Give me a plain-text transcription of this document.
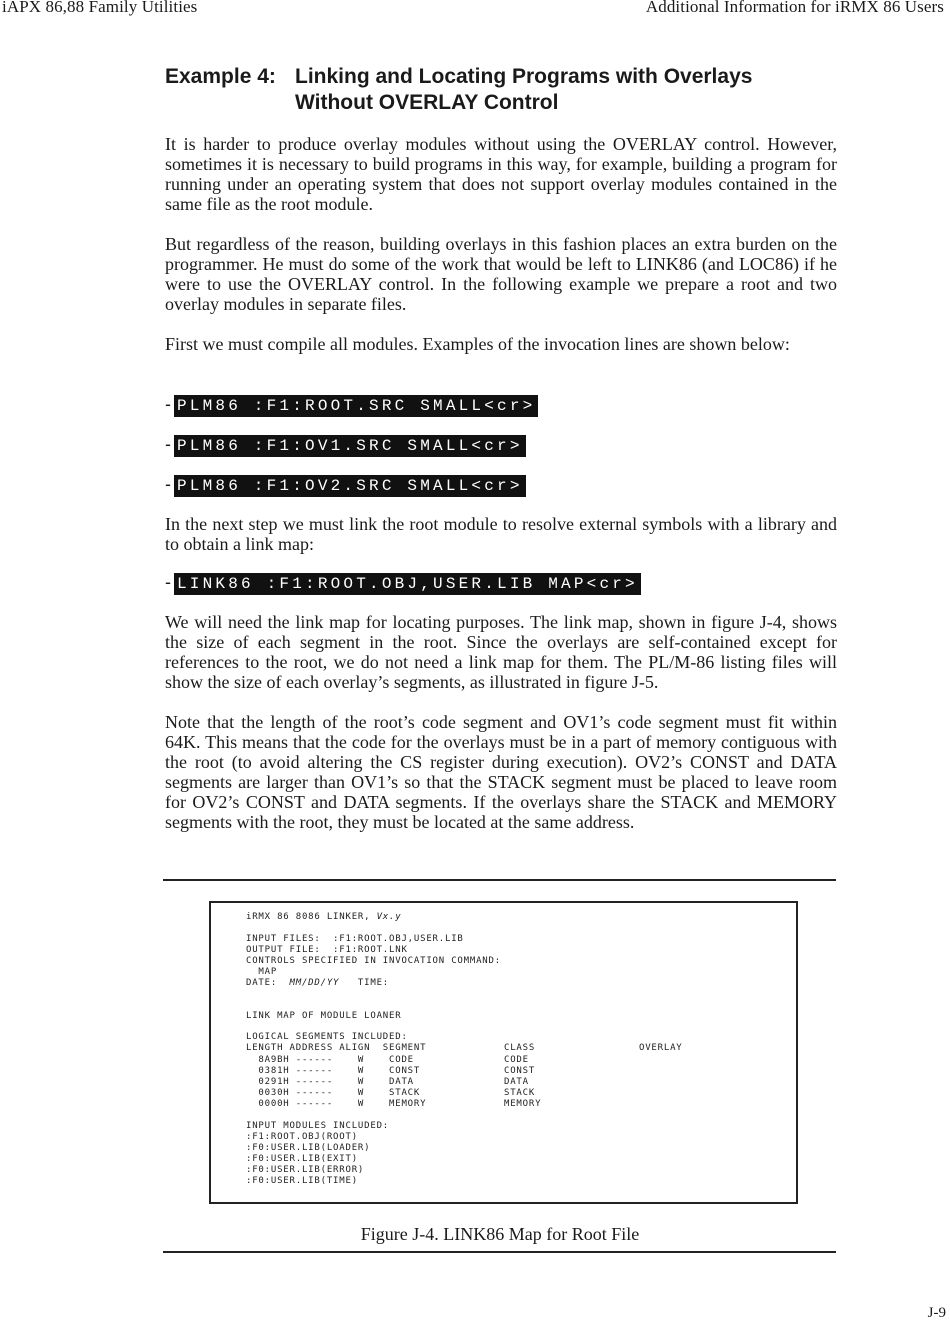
iAPX 86,88 Family Utilities	Additional Information for iRMX 86 Users
Example 4: Linking and Locating Programs with Overlays
Without OVERLAY Control

It is harder to produce overlay modules without using the OVERLAY control. However, sometimes it is necessary to build programs in this way, for example, building a program for running under an operating system that does not support overlay modules contained in the same file as the root module.

But regardless of the reason, building overlays in this fashion places an extra burden on the programmer. He must do some of the work that would be left to LINK86 (and LOC86) if he were to use the OVERLAY control. In the following example we prepare a root and two overlay modules in separate files.

First we must compile all modules. Examples of the invocation lines are shown below:

- PLM86 :F1:ROOT.SRC SMALL<cr>
- PLM86 :F1:OV1.SRC SMALL<cr>
- PLM86 :F1:OV2.SRC SMALL<cr>

In the next step we must link the root module to resolve external symbols with a library and to obtain a link map:

- LINK86 :F1:ROOT.OBJ,USER.LIB MAP<cr>

We will need the link map for locating purposes. The link map, shown in figure J-4, shows the size of each segment in the root. Since the overlays are self-contained except for references to the root, we do not need a link map for them. The PL/M-86 listing files will show the size of each overlay’s segments, as illustrated in figure J-5.

Note that the length of the root’s code segment and OV1’s code segment must fit within 64K. This means that the code for the overlays must be in a part of memory contiguous with the root (to avoid altering the CS register during execution). OV2’s CONST and DATA segments are larger than OV1’s so that the STACK segment must be placed to leave room for OV2’s CONST and DATA segments. If the overlays share the STACK and MEMORY segments with the root, they must be located at the same address.

iRMX 86 8086 LINKER, Vx.y
INPUT FILES:  :F1:ROOT.OBJ,USER.LIB
OUTPUT FILE:  :F1:ROOT.LNK
CONTROLS SPECIFIED IN INVOCATION COMMAND:
MAP
DATE:  MM/DD/YY   TIME:
LINK MAP OF MODULE LOANER
LOGICAL SEGMENTS INCLUDED:
LENGTH ADDRESS ALIGN  SEGMENT	CLASS	OVERLAY
8A9BH ------    W    CODE	CODE
0381H ------    W    CONST	CONST
0291H ------    W    DATA	DATA
0030H ------    W    STACK	STACK
0000H ------    W    MEMORY	MEMORY
INPUT MODULES INCLUDED:
:F1:ROOT.OBJ(ROOT)
:F0:USER.LIB(LOADER)
:F0:USER.LIB(EXIT)
:F0:USER.LIB(ERROR)
:F0:USER.LIB(TIME)
Figure J-4. LINK86 Map for Root File
J-9
